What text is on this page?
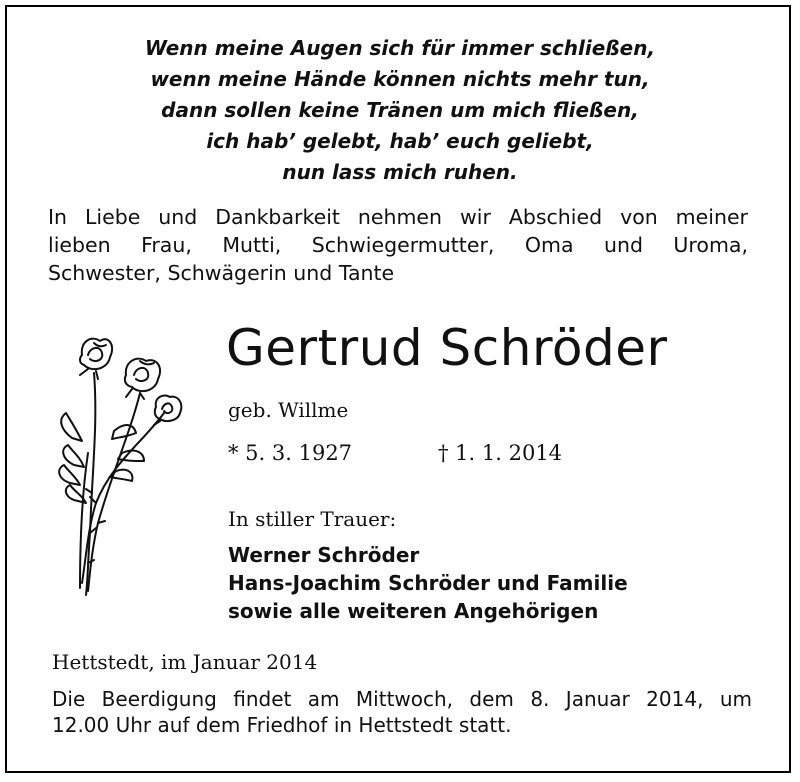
Wenn meine Augen sich für immer schließen,
wenn meine Hände können nichts mehr tun,
dann sollen keine Tränen um mich fließen,
ich hab’ gelebt, hab’ euch geliebt,
nun lass mich ruhen.
In Liebe und Dankbarkeit nehmen wir Abschied von meiner
lieben Frau, Mutti, Schwiegermutter, Oma und Uroma,
Schwester, Schwägerin und Tante
Gertrud Schröder
geb. Willme
* 5. 3. 1927	† 1. 1. 2014
In stiller Trauer:
Werner Schröder
Hans-Joachim Schröder und Familie
sowie alle weiteren Angehörigen
Hettstedt, im Januar 2014
Die Beerdigung findet am Mittwoch, dem 8. Januar 2014, um
12.00 Uhr auf dem Friedhof in Hettstedt statt.
